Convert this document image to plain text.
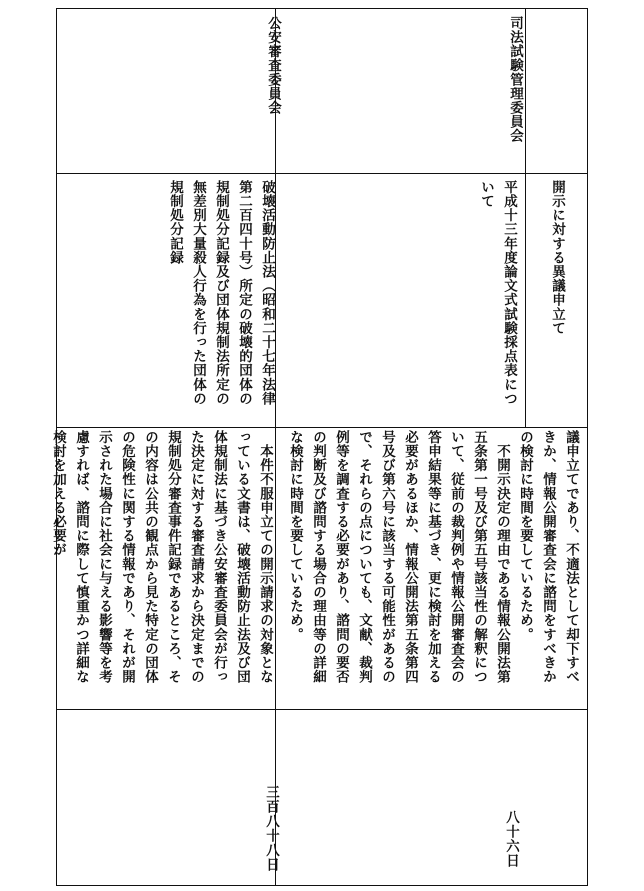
開示に対する異議申立て
司法試験管理委員会
平成十三年度論文式試験採点表について
議申立てであり、不適法として却下すべきか、情報公開審査会に諮問をすべきかの検討に時間を要しているため。
　不開示決定の理由である情報公開法第五条第一号及び第五号該当性の解釈について、従前の裁判例や情報公開審査会の答申結果等に基づき、更に検討を加える必要があるほか、情報公開法第五条第四号及び第六号に該当する可能性があるので、それらの点についても、文献、裁判例等を調査する必要があり、諮問の要否の判断及び諮問する場合の理由等の詳細な検討に時間を要しているため。
八十六日
公安審査委員会
破壊活動防止法（昭和二十七年法律第二百四十号）所定の破壊的団体の規制処分記録及び団体規制法所定の無差別大量殺人行為を行った団体の規制処分記録
　本件不服申立ての開示請求の対象となっている文書は、破壊活動防止法及び団体規制法に基づき公安審査委員会が行った決定に対する審査請求から決定までの規制処分審査事件記録であるところ、その内容は公共の観点から見た特定の団体の危険性に関する情報であり、それが開示された場合に社会に与える影響等を考慮すれば、諮問に際して慎重かつ詳細な検討を加える必要が
三百八十八日
